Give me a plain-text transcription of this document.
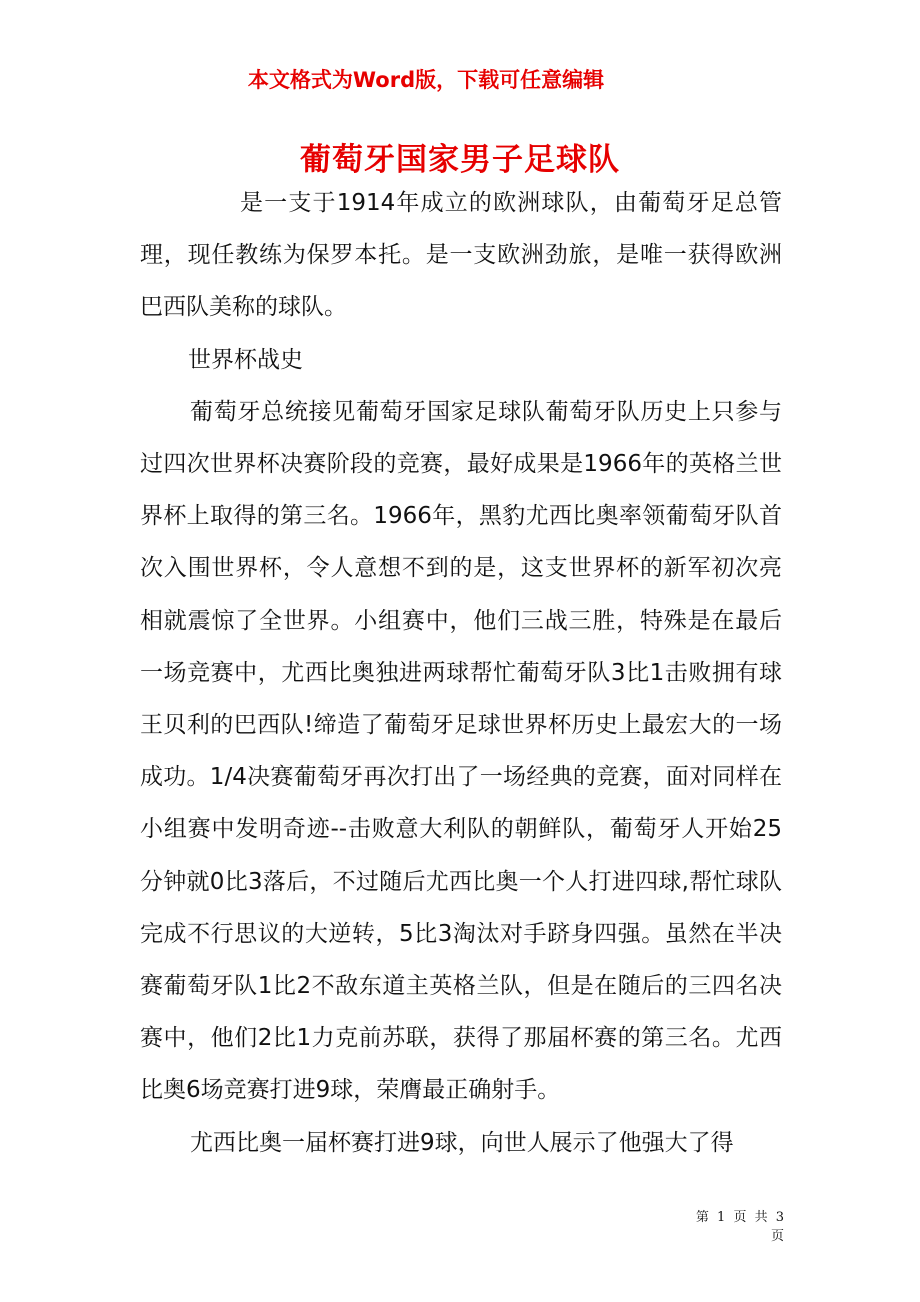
本文格式为Word版，下载可任意编辑
葡萄牙国家男子足球队

是一支于1914年成立的欧洲球队，由葡萄牙足总管理，现任教练为保罗本托。是一支欧洲劲旅，是唯一获得欧洲巴西队美称的球队。

世界杯战史

葡萄牙总统接见葡萄牙国家足球队葡萄牙队历史上只参与过四次世界杯决赛阶段的竞赛，最好成果是1966年的英格兰世界杯上取得的第三名。1966年，黑豹尤西比奥率领葡萄牙队首次入围世界杯，令人意想不到的是，这支世界杯的新军初次亮相就震惊了全世界。小组赛中，他们三战三胜，特殊是在最后一场竞赛中，尤西比奥独进两球帮忙葡萄牙队3比1击败拥有球王贝利的巴西队!缔造了葡萄牙足球世界杯历史上最宏大的一场成功。1/4决赛葡萄牙再次打出了一场经典的竞赛，面对同样在小组赛中发明奇迹--击败意大利队的朝鲜队，葡萄牙人开始25分钟就0比3落后，不过随后尤西比奥一个人打进四球,帮忙球队完成不行思议的大逆转，5比3淘汰对手跻身四强。虽然在半决赛葡萄牙队1比2不敌东道主英格兰队，但是在随后的三四名决赛中，他们2比1力克前苏联，获得了那届杯赛的第三名。尤西比奥6场竞赛打进9球，荣膺最正确射手。

尤西比奥一届杯赛打进9球，向世人展示了他强大了得

第 1 页 共 3 页
